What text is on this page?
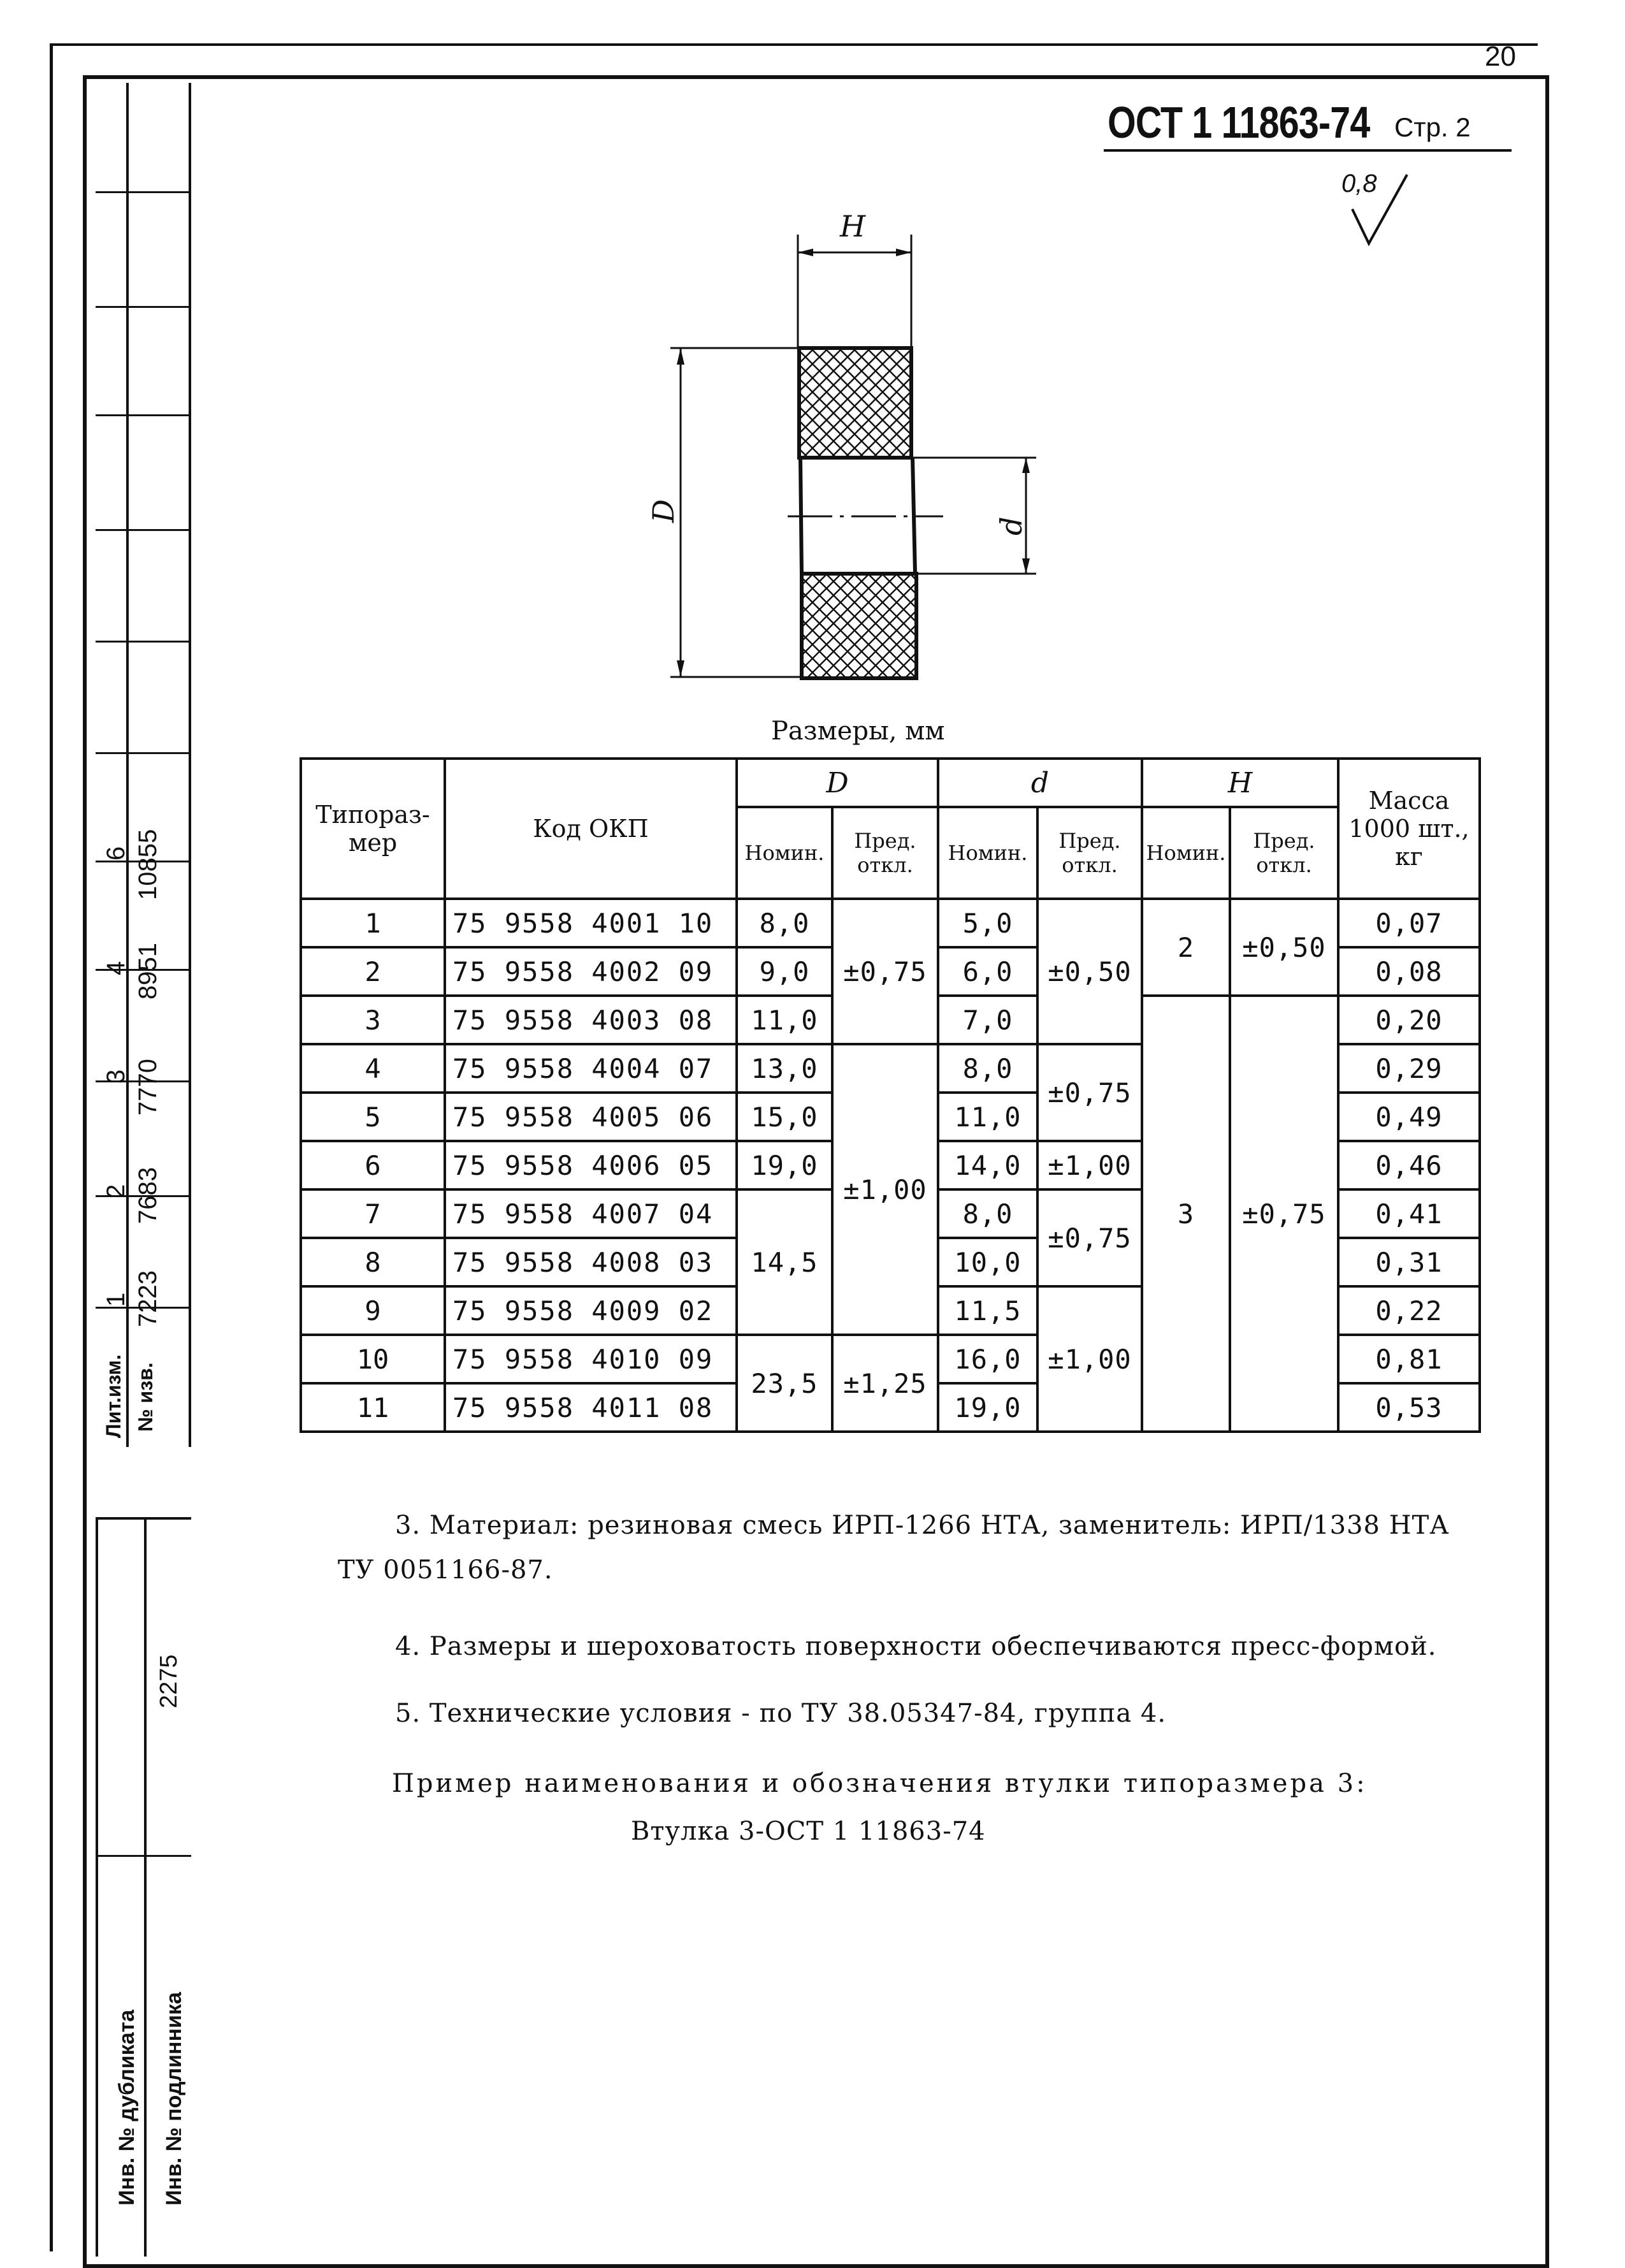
20
ОСТ 1 11863-74 Стр. 2
0,8
H
D
d
6 10855
4 8951
3 7770
2 7683
1 7223
Лит.изм. № изв.
2275
Инв. № дубликата Инв. № подлинника
Размеры, мм
Типораз-мер	Код ОКП	D		d		H		Масса 1000 шт., кг
		Номин.	Пред. откл.	Номин.	Пред. откл.	Номин.	Пред. откл.	
1	75 9558 4001 10	8,0	±0,75	5,0	±0,50	2	±0,50	0,07
2	75 9558 4002 09	9,0		6,0				0,08
3	75 9558 4003 08	11,0		7,0		3	±0,75	0,20
4	75 9558 4004 07	13,0	±1,00	8,0	±0,75			0,29
5	75 9558 4005 06	15,0		11,0				0,49
6	75 9558 4006 05	19,0		14,0	±1,00			0,46
7	75 9558 4007 04	14,5		8,0	±0,75			0,41
8	75 9558 4008 03			10,0				0,31
9	75 9558 4009 02			11,5	±1,00			0,22
10	75 9558 4010 09	23,5	±1,25	16,0				0,81
11	75 9558 4011 08			19,0				0,53
3. Материал: резиновая смесь ИРП-1266 НТА, заменитель: ИРП/1338 НТА
ТУ 0051166-87.
4. Размеры и шероховатость поверхности обеспечиваются пресс-формой.
5. Технические условия - по ТУ 38.05347-84, группа 4.
Пример наименования и обозначения втулки типоразмера 3:
Втулка 3-ОСТ 1 11863-74
